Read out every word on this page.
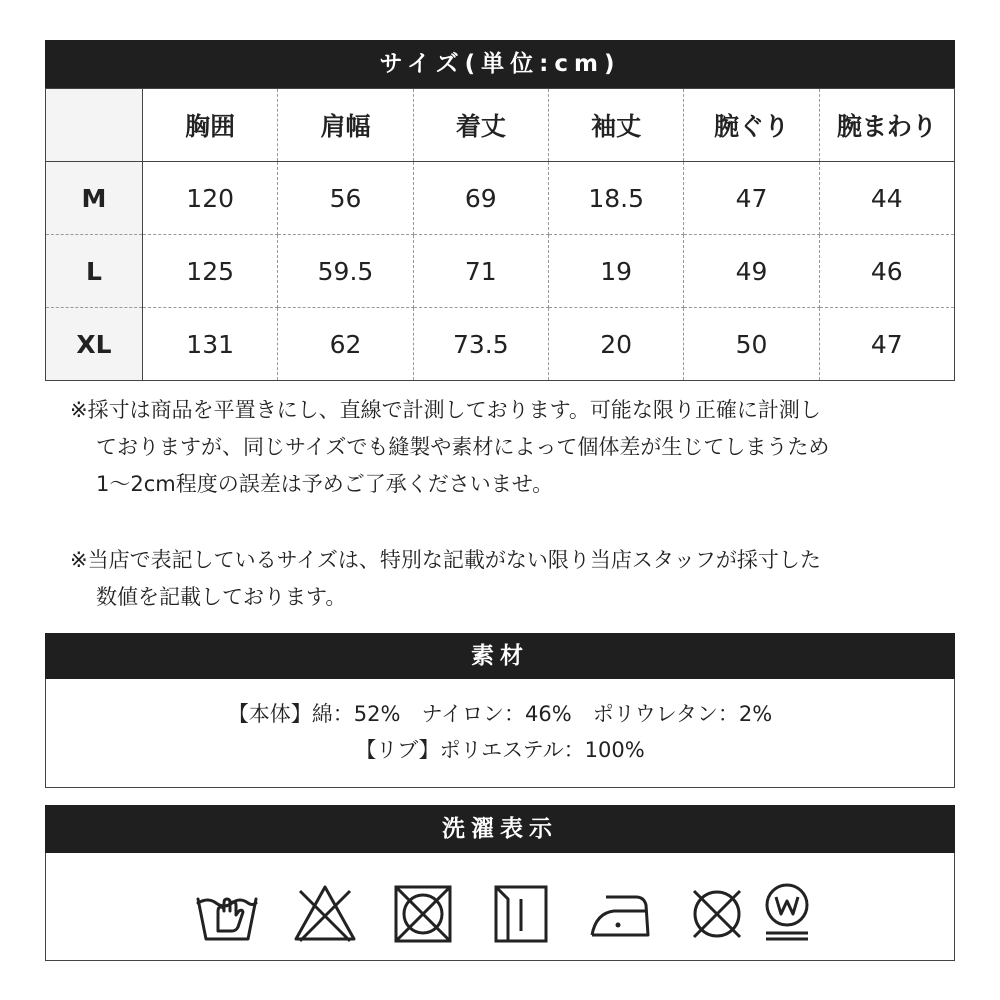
サイズ(単位:cm)
	胸囲	肩幅	着丈	袖丈	腕ぐり	腕まわり
M	120	56	69	18.5	47	44
L	125	59.5	71	19	49	46
XL	131	62	73.5	20	50	47
※採寸は商品を平置きにし、直線で計測しております。可能な限り正確に計測し
ておりますが、同じサイズでも縫製や素材によって個体差が生じてしまうため
1～2cm程度の誤差は予めご了承くださいませ。
※当店で表記しているサイズは、特別な記載がない限り当店スタッフが採寸した
数値を記載しております。
素材
【本体】綿：52%　ナイロン：46%　ポリウレタン：2%
【リブ】ポリエステル：100%
洗濯表示
